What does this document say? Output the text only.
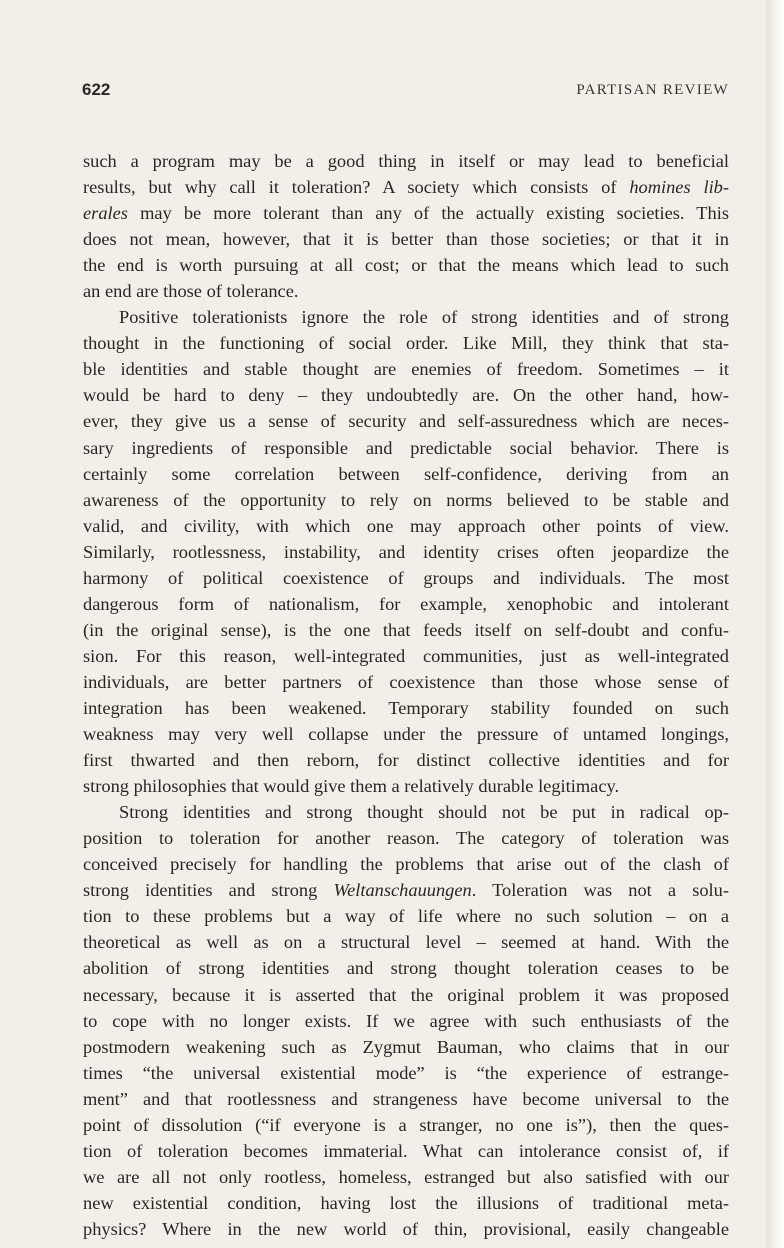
622	PARTISAN REVIEW

such a program may be a good thing in itself or may lead to beneficial

results, but why call it toleration? A society which consists of homines lib-

erales may be more tolerant than any of the actually existing societies. This

does not mean, however, that it is better than those societies; or that it in

the end is worth pursuing at all cost; or that the means which lead to such

an end are those of tolerance.

Positive tolerationists ignore the role of strong identities and of strong

thought in the functioning of social order. Like Mill, they think that sta-

ble identities and stable thought are enemies of freedom. Sometimes – it

would be hard to deny – they undoubtedly are. On the other hand, how-

ever, they give us a sense of security and self-assuredness which are neces-

sary ingredients of responsible and predictable social behavior. There is

certainly some correlation between self-confidence, deriving from an

awareness of the opportunity to rely on norms believed to be stable and

valid, and civility, with which one may approach other points of view.

Similarly, rootlessness, instability, and identity crises often jeopardize the

harmony of political coexistence of groups and individuals. The most

dangerous form of nationalism, for example, xenophobic and intolerant

(in the original sense), is the one that feeds itself on self-doubt and confu-

sion. For this reason, well-integrated communities, just as well-integrated

individuals, are better partners of coexistence than those whose sense of

integration has been weakened. Temporary stability founded on such

weakness may very well collapse under the pressure of untamed longings,

first thwarted and then reborn, for distinct collective identities and for

strong philosophies that would give them a relatively durable legitimacy.

Strong identities and strong thought should not be put in radical op-

position to toleration for another reason. The category of toleration was

conceived precisely for handling the problems that arise out of the clash of

strong identities and strong Weltanschauungen. Toleration was not a solu-

tion to these problems but a way of life where no such solution – on a

theoretical as well as on a structural level – seemed at hand. With the

abolition of strong identities and strong thought toleration ceases to be

necessary, because it is asserted that the original problem it was proposed

to cope with no longer exists. If we agree with such enthusiasts of the

postmodern weakening such as Zygmut Bauman, who claims that in our

times “the universal existential mode” is “the experience of estrange-

ment” and that rootlessness and strangeness have become universal to the

point of dissolution (“if everyone is a stranger, no one is”), then the ques-

tion of toleration becomes immaterial. What can intolerance consist of, if

we are all not only rootless, homeless, estranged but also satisfied with our

new existential condition, having lost the illusions of traditional meta-

physics? Where in the new world of thin, provisional, easily changeable
